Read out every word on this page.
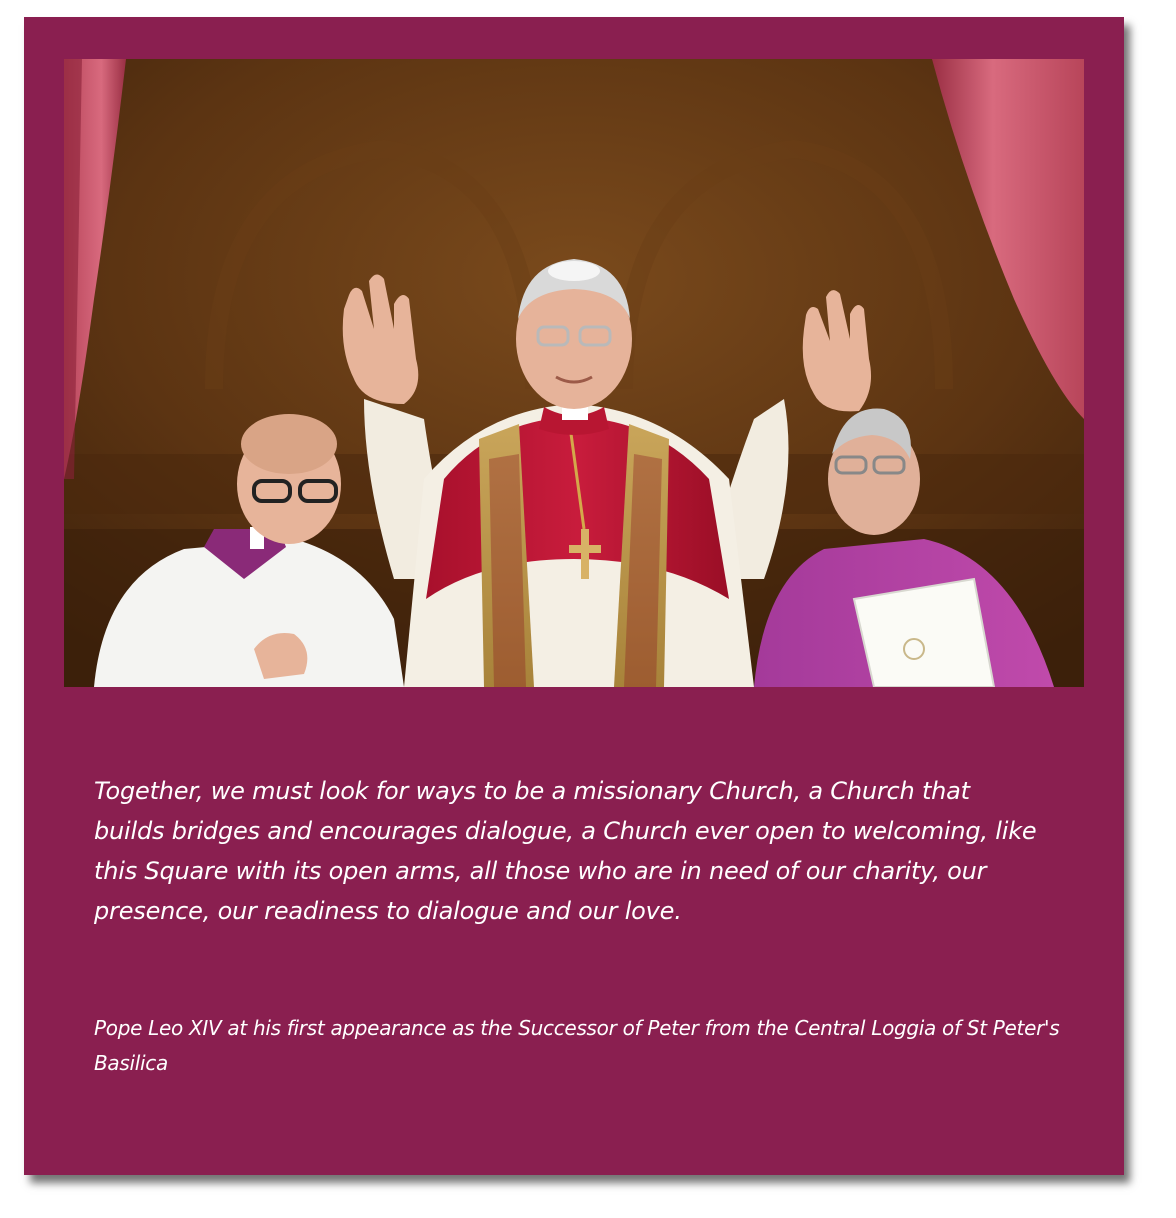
Together, we must look for ways to be a missionary Church, a Church that builds bridges and encourages dialogue, a Church ever open to welcoming, like this Square with its open arms, all those who are in need of our charity, our presence, our readiness to dialogue and our love.

Pope Leo XIV at his first appearance as the Successor of Peter from the Central Loggia of St Peter's Basilica
